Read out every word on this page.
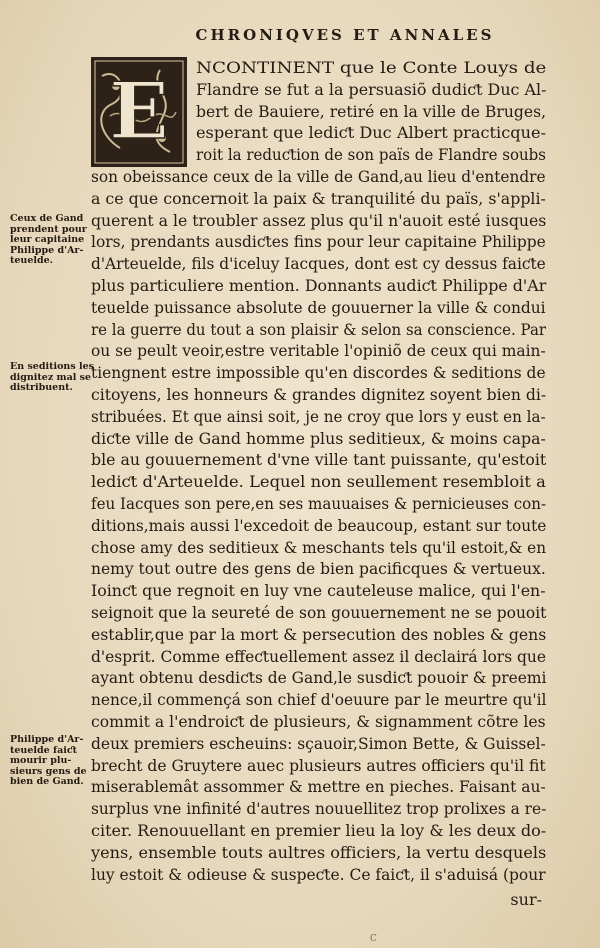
CHRONIQVES ET ANNALES
E NCONTINENT que le Conte Louys de
Flandre se fut a la persuasiõ dudiƈt Duc Al-
bert de Bauiere, retiré en la ville de Bruges,
esperant que lediƈt Duc Albert practicque-
roit la reduƈtion de son païs de Flandre soubs
son obeissance ceux de la ville de Gand,au lieu d'entendre
a ce que concernoit la paix & tranquilité du païs, s'appli-
querent a le troubler assez plus qu'il n'auoit esté iusques
lors, prendants ausdiƈtes fins pour leur capitaine Philippe
d'Arteuelde, fils d'iceluy Iacques, dont est cy dessus faiƈte
plus particuliere mention. Donnants audiƈt Philippe d'Ar
teuelde puissance absolute de gouuerner la ville & condui
re la guerre du tout a son plaisir & selon sa conscience. Par
ou se peult veoir,estre veritable l'opiniõ de ceux qui main-
tiengnent estre impossible qu'en discordes & seditions de
citoyens, les honneurs & grandes dignitez soyent bien di-
stribuées. Et que ainsi soit, je ne croy que lors y eust en la-
diƈte ville de Gand homme plus seditieux, & moins capa-
ble au gouuernement d'vne ville tant puissante, qu'estoit
lediƈt d'Arteuelde. Lequel non seullement resembloit a
feu Iacques son pere,en ses mauuaises & pernicieuses con-
ditions,mais aussi l'excedoit de beaucoup, estant sur toute
chose amy des seditieux & meschants tels qu'il estoit,& en
nemy tout outre des gens de bien pacificques & vertueux.
Ioinƈt que regnoit en luy vne cauteleuse malice, qui l'en-
seignoit que la seureté de son gouuernement ne se pouoit
establir,que par la mort & persecution des nobles & gens
d'esprit. Comme effeƈtuellement assez il declairá lors que
ayant obtenu desdiƈts de Gand,le susdiƈt pouoir & preemi
nence,il commençá son chief d'oeuure par le meurtre qu'il
commit a l'endroiƈt de plusieurs, & signamment cõtre les
deux premiers escheuins: sçauoir,Simon Bette, & Guissel-
brecht de Gruytere auec plusieurs autres officiers qu'il fit
miserablemât assommer & mettre en pieches. Faisant au-
surplus vne infinité d'autres nouuellitez trop prolixes a re-
citer. Renouuellant en premier lieu la loy & les deux do-
yens, ensemble touts aultres officiers, la vertu desquels
luy estoit & odieuse & suspeƈte. Ce faiƈt, il s'aduisá (pour
Ceux de Gand
prendent pour
leur capitaine
Philippe d'Ar-
teuelde.
En seditions les
dignitez mal se
distribuent.
Philippe d'Ar-
teuelde faiƈt
mourir plu-
sieurs gens de
bien de Gand.
sur-
C
